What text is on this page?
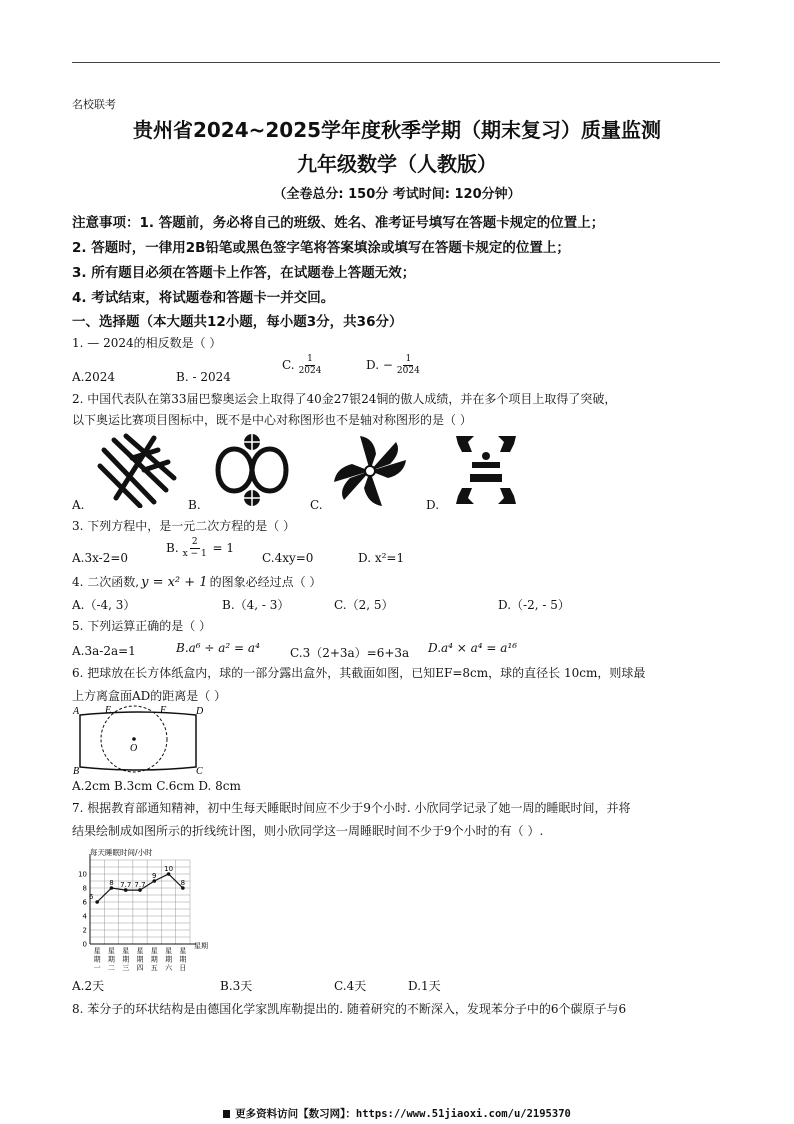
名校联考
贵州省2024~2025学年度秋季学期（期末复习）质量监测
九年级数学（人教版）
（全卷总分: 150分 考试时间: 120分钟）
注意事项：1. 答题前，务必将自己的班级、姓名、准考证号填写在答题卡规定的位置上；
2. 答题时，一律用2B铅笔或黑色签字笔将答案填涂或填写在答题卡规定的位置上；
3. 所有题目必须在答题卡上作答，在试题卷上答题无效；
4. 考试结束，将试题卷和答题卡一并交回。
一、选择题（本大题共12小题，每小题3分，共36分）
1. — 2024的相反数是（ ）
A.2024	B. - 2024
C. $\frac{1}{2024}$	D. − $\frac{1}{2024}$
2. 中国代表队在第33届巴黎奥运会上取得了40金27银24铜的傲人成绩，并在多个项目上取得了突破，
以下奥运比赛项目图标中，既不是中心对称图形也不是轴对称图形的是（ ）
A.	B.	C.	D.
3. 下列方程中，是一元二次方程的是（ ）
A.3x-2=0
B. $\frac{2}{x - 1} = 1$
C.4xy=0	D. x²=1
4. 二次函数, y = x² + 1 的图象必经过点（ ）
A.（-4, 3）	B.（4, - 3）	C.（2, 5）	D.（-2, - 5）
5. 下列运算正确的是（ ）
A.3a-2a=1	B.a⁶ ÷ a² = a⁴	C.3（2+3a）=6+3a D.a⁴ × a⁴ = a¹⁶
6. 把球放在长方体纸盒内，球的一部分露出盒外，其截面如图，已知EF=8cm，球的直径长 10cm，则球最
上方离盒面AD的距离是（ ）
A	E	F	D
B	C
O
A.2cm B.3cm C.6cm D. 8cm
7. 根据教育部通知精神，初中生每天睡眠时间应不少于9个小时. 小欣同学记录了她一周的睡眠时间，并将
结果绘制成如图所示的折线统计图，则小欣同学这一周睡眠时间不少于9个小时的有（ ）.
0
2
4
6
8
10
星
期
一
星
期
二
星
期
三
星
期
四
星
期
五
星
期
六
星
期
日
6
8 7.7 7.7
9
10
8
每天睡眠时间/小时
星期
A.2天	B.3天	C.4天	D.1天
8. 苯分子的环状结构是由德国化学家凯库勒提出的. 随着研究的不断深入，发现苯分子中的6个碳原子与6
更多资料访问【数习网】：https://www.51jiaoxi.com/u/2195370
